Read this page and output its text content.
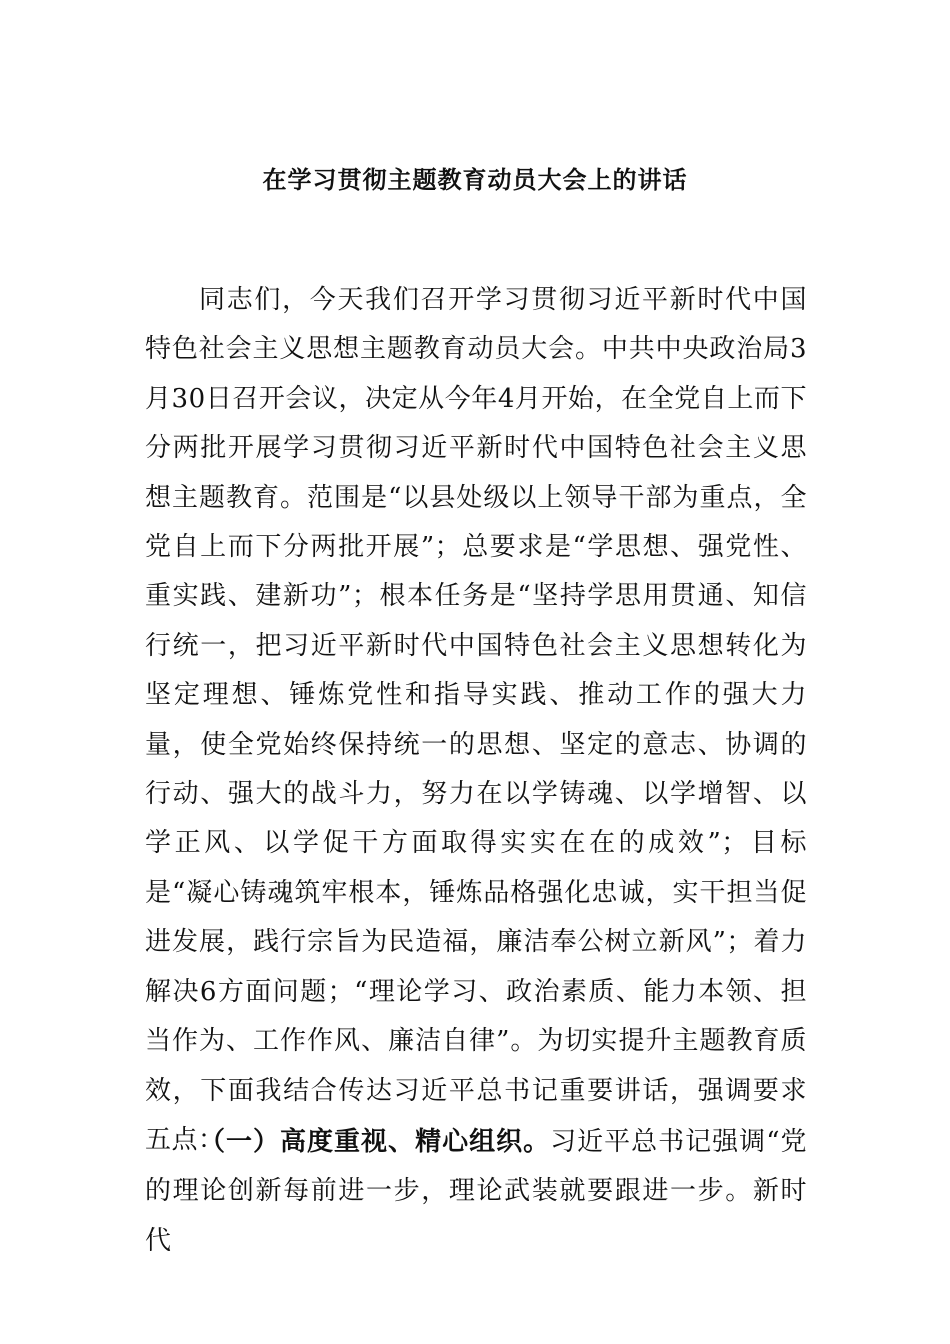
在学习贯彻主题教育动员大会上的讲话
同志们，今天我们召开学习贯彻习近平新时代中国特色社会主义思想主题教育动员大会。中共中央政治局3月30日召开会议，决定从今年4月开始，在全党自上而下分两批开展学习贯彻习近平新时代中国特色社会主义思想主题教育。范围是“以县处级以上领导干部为重点，全党自上而下分两批开展”；总要求是“学思想、强党性、重实践、建新功”；根本任务是“坚持学思用贯通、知信行统一，把习近平新时代中国特色社会主义思想转化为坚定理想、锤炼党性和指导实践、推动工作的强大力量，使全党始终保持统一的思想、坚定的意志、协调的行动、强大的战斗力，努力在以学铸魂、以学增智、以学正风、以学促干方面取得实实在在的成效”；目标是“凝心铸魂筑牢根本，锤炼品格强化忠诚，实干担当促进发展，践行宗旨为民造福，廉洁奉公树立新风”；着力解决6方面问题；“理论学习、政治素质、能力本领、担当作为、工作作风、廉洁自律”。为切实提升主题教育质效，下面我结合传达习近平总书记重要讲话，强调要求五点：
（一）高度重视、精心组织。习近平总书记强调“党的理论创新每前进一步，理论武装就要跟进一步。新时代
